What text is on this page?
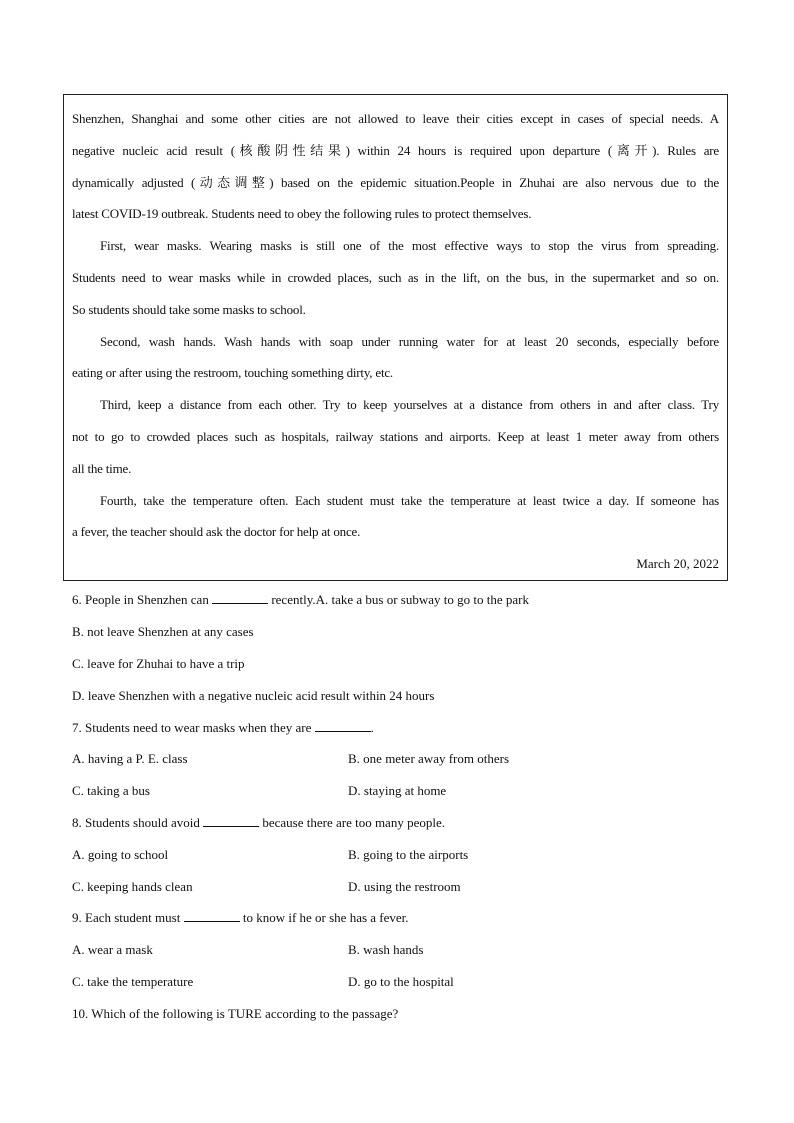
Shenzhen, Shanghai and some other cities are not allowed to leave their cities except in cases of special needs. A
negative nucleic acid result (核酸阴性结果) within 24 hours is required upon departure (离开). Rules are
dynamically adjusted (动态调整) based on the epidemic situation.People in Zhuhai are also nervous due to the
latest COVID-19 outbreak. Students need to obey the following rules to protect themselves.
First, wear masks. Wearing masks is still one of the most effective ways to stop the virus from spreading.
Students need to wear masks while in crowded places, such as in the lift, on the bus, in the supermarket and so on.
So students should take some masks to school.
Second, wash hands. Wash hands with soap under running water for at least 20 seconds, especially before
eating or after using the restroom, touching something dirty, etc.
Third, keep a distance from each other. Try to keep yourselves at a distance from others in and after class. Try
not to go to crowded places such as hospitals, railway stations and airports. Keep at least 1 meter away from others
all the time.
Fourth, take the temperature often. Each student must take the temperature at least twice a day. If someone has
a fever, the teacher should ask the doctor for help at once.
March 20, 2022
6. People in Shenzhen can	recently.A. take a bus or subway to go to the park
B. not leave Shenzhen at any cases
C. leave for Zhuhai to have a trip
D. leave Shenzhen with a negative nucleic acid result within 24 hours
7. Students need to wear masks when they are	.
A. having a P. E. class	B. one meter away from others
C. taking a bus	D. staying at home
8. Students should avoid	because there are too many people.
A. going to school	B. going to the airports
C. keeping hands clean	D. using the restroom
9. Each student must	to know if he or she has a fever.
A. wear a mask	B. wash hands
C. take the temperature	D. go to the hospital
10. Which of the following is TURE according to the passage?
